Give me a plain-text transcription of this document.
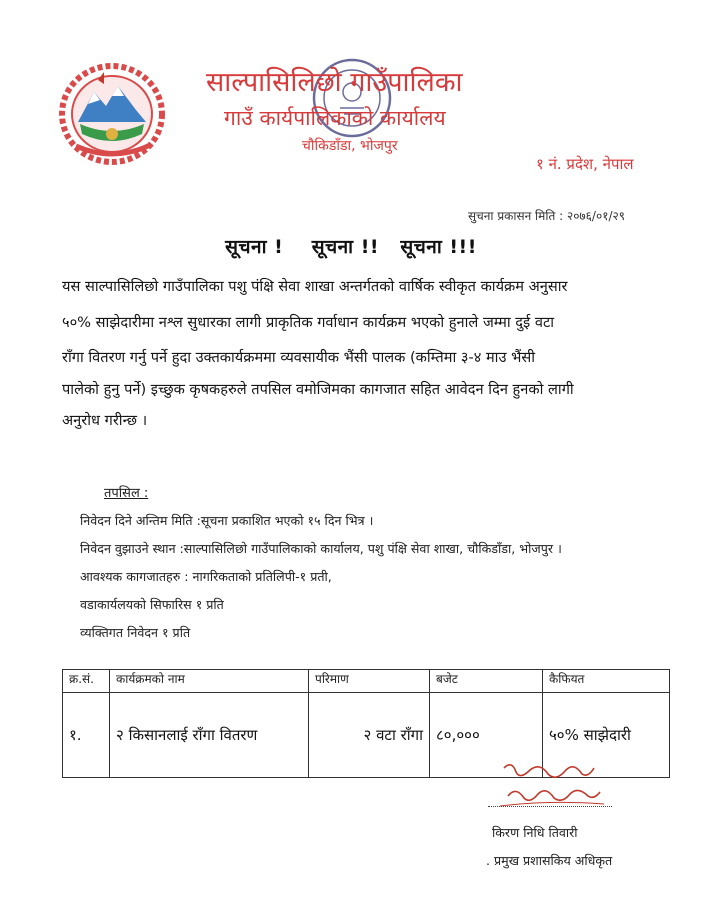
साल्पासिलिछो गाउँपालिका
गाउँ कार्यपालिकाको कार्यालय
चौकिडाँडा, भोजपुर
१ नं. प्रदेश, नेपाल
सुचना प्रकासन मिति : २०७६/०१/२९
सूचना !    सूचना !!   सूचना !!!
यस साल्पासिलिछो गाउँपालिका पशु पंक्षि सेवा शाखा अन्तर्गतको वार्षिक स्वीकृत कार्यक्रम अनुसार
५०% साझेदारीमा नश्ल सुधारका लागी प्राकृतिक गर्वाधान कार्यक्रम भएको हुनाले जम्मा दुई वटा
राँगा वितरण गर्नु पर्ने हुदा उक्तकार्यक्रममा व्यवसायीक भैंसी पालक (कम्तिमा ३-४ माउ भैंसी
पालेको हुनु पर्ने) इच्छुक कृषकहरुले तपसिल वमोजिमका कागजात सहित आवेदन दिन हुनको लागी
अनुरोध गरीन्छ ।
तपसिल :
निवेदन दिने अन्तिम मिति :सूचना प्रकाशित भएको १५ दिन भित्र ।
निवेदन वुझाउने स्थान :साल्पासिलिछो गाउँपालिकाको कार्यालय, पशु पंक्षि सेवा शाखा, चौकिडाँडा, भोजपुर ।
आवश्यक कागजातहरु : नागरिकताको प्रतिलिपी-१ प्रती,
वडाकार्यलयको सिफारिस १ प्रति
व्यक्तिगत निवेदन १ प्रति
क्र.सं.	कार्यक्रमको नाम	परिमाण	बजेट	कैफियत
१.	२ किसानलाई राँगा वितरण	२ वटा राँगा	८०,०००	५०% साझेदारी
किरण निधि तिवारी
. प्रमुख प्रशासकिय अधिकृत
